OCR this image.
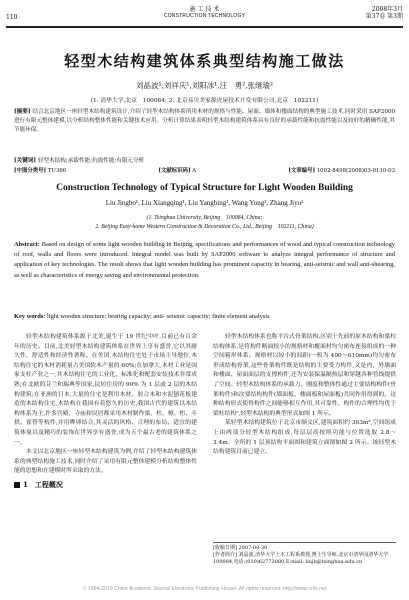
110
施 工 技 术
CONSTRUCTION TECHNOLOGY
2008年3月
第37卷 第3期
轻型木结构建筑体系典型结构施工做法
刘晶波¹,刘祥庆¹,刘阳冰¹,汪　勇²,张继瑜²
(1. 清华大学,北京　100084; 2. 北京易贝美家源虎屋技术开发有限公司,北京　102211)
[摘要] 结合北京地区一座轻型木结构建筑设计,介绍了轻型木结构体系所用木材的规格与性能、屋面、墙体和楼面结构的典型施工技术,同时采用 SAP2000 进行有限元整体建模,以分析结构整体性能和关键技术应用。分析计算结果表明轻型木结构建筑体系具有良好的承载性能和抗震性能以及较好的精确性能,其节能环保。
[关键词] 轻型木结构;承载性能;抗震性能;有限元分析
[中图分类号] TU366	[文献标识码] A	[文章编号] 1002-8498(2008)03-0110-03
Construction Technology of Typical Structure for Light Wooden Building
Liu Jingbo¹, Liu Xiangqing¹, Liu Yangbing¹, Wang Yong², Zhang Jiyu²
(1. Tsinghua University, Beijing　100084, China;
2. Beijing Easy-home Western Construction & Decoration Co., Ltd., Beijing　102211, China)
Abstract: Based on design of some light wooden building in Beijing, specifications and performances of wood and typical construction technology of roof, walls and floors were introduced. Integral model was built by SAP2000 software to analyze integral performance of structure and application of key technologies. The result shows that light wooden building has prominent capacity in bearing, anti-seismic and wall anti-shearing, as well as characteristics of energy saving and environmental protection.
Key words: light wooden structure; bearing capacity; anti- seismic capacity; finite element analysis

轻型木结构建筑体系源于北美,诞生于 19 世纪中叶,目前已有百余年的历史。目前,北美轻型木结构建筑体系在世界上享有盛誉,它以其耐久性、舒适性和经济性著称。在美国,木结构住宅处于市场主导地位,木结构住宅的木材消耗量占美国软木产量的 60%;在加拿大,木材工业是国家支柱产业之一,其木结构住宅的工业化、标准化和配套安装技术非常成熟;在北欧的芬兰和瑞典等国家,民居住房的 90% 为 1 层或 2 层的木结构建筑;在亚洲的日本,大量的住宅是利用木材、胶合木和水泥刨花板建造的木结构住宅,木结构在我国有着悠久的历史,我国古代的建筑以木结构体系为主,许多宫殿、寺庙和民居都采用木材制作梁、柱、檩、桁、斗拱、雀替等构件,并用榫卯结合,其灵活的风格、合理的布局、适宜的建筑体量以及精巧的装饰在世界享有盛誉,成为五个最古老的建筑体系之一。

本文以北京地区一座轻型木结构建筑为例,介绍了轻型木结构建筑体系的典型结构施工技术,同时介绍了采用有限元整体建模分析结构整体性能的思想和在建模时所采取的方法。

1　工程概况

轻型木结构体系也称平台式骨架结构,区别于先前的原木结构和梁柱结构体系,是将构件断面较小的规格材和覆面材均匀密布连接组成的一种空间箱形体系。规格材以较小的间距(一般为 400～610mm)均匀密布形成结构骨架,这些骨架构件既是结构的主要受力构件,又是内、外墙面和楼面、屋面面层的支撑构件,还为安装保温隔热层和穿越各种管线提供了空间。轻型木结构体系的承载力、刚度和整体性通过主要结构构件(骨架构件)和次要结构构件(墙面板、楼面板和屋面板)共同作用得到的。这种结构形式使得构件之间能够相互作用,其可靠性、构件的合理性均优于梁柱结构⁶,轻型木结构的典型形式如图 1 所示。

某轻型木结构建筑位于北京市顺义区,建筑面积约 303m²,空间组成上由两部分轻型木结构组成,每层层高按照功能与位置选取 2.8～3.4m。全所的 1 层顶结构平面图和建筑立面图如图 2 所示。该轻型木结构建筑目前已建立。

[收稿日期] 2007-09-30
[作者简介] 刘晶波,清华大学土木工程系教授,博士生导师,北京市清华园清华大学 100084,电话:(010)62773080,E-mail: liujb@tsinghua.edu.cn
© 1994-2010 China Academic Journal Electronic Publishing House. All rights reserved. http://www.cnki.net
